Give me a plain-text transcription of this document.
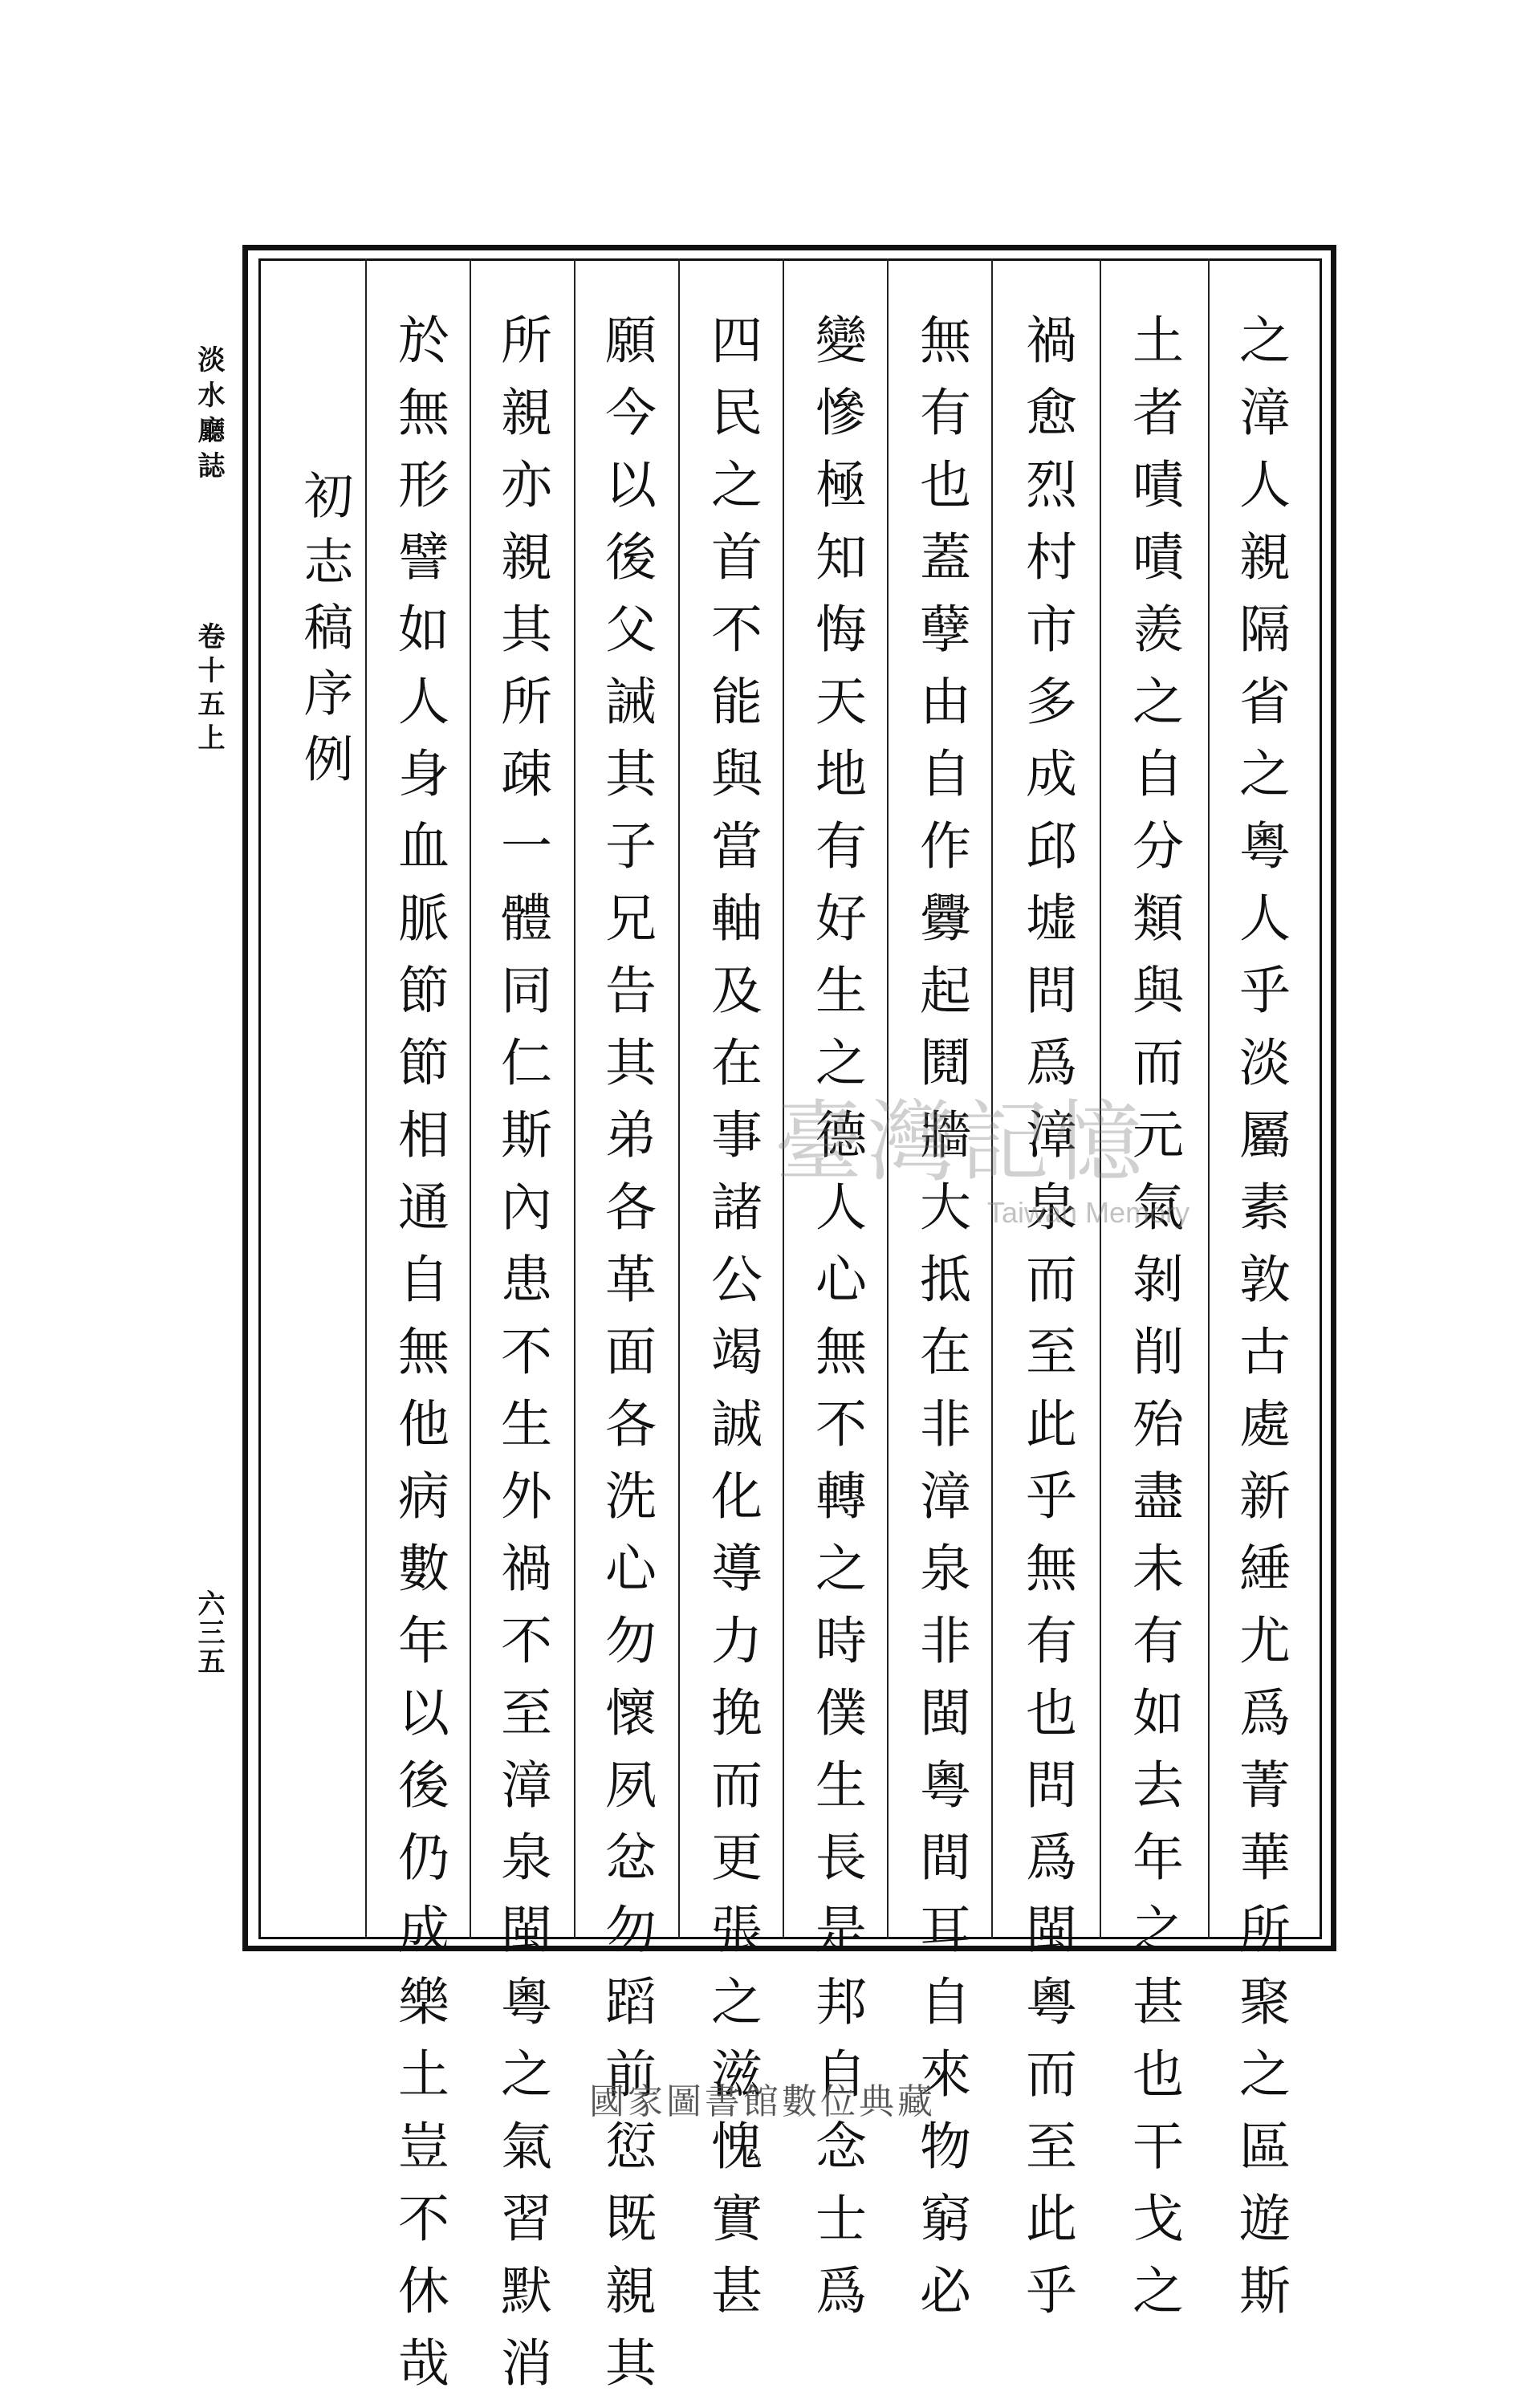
淡水廳誌
卷十五上
六三五	之漳人親隔省之粵人乎淡屬素敦古處新綞尤爲菁華所聚之區遊斯
土者嘖嘖羨之自分類與而元氣剝削殆盡未有如去年之甚也干戈之
禍愈烈村市多成邱墟問爲漳泉而至此乎無有也問爲閩粵而至此乎
無有也蓋孽由自作釁起鬩牆大抵在非漳泉非閩粵間耳自來物窮必
變慘極知悔天地有好生之德人心無不轉之時僕生長是邦自念士爲
四民之首不能與當軸及在事諸公竭誠化導力挽而更張之滋愧實甚
願今以後父誡其子兄告其弟各革面各洗心勿懷夙忿勿蹈前愆既親其
所親亦親其所疎一體同仁斯內患不生外禍不至漳泉閩粵之氣習默消
於無形譬如人身血脈節節相通自無他病數年以後仍成樂土豈不休哉
初志稿序例
臺灣記憶
Taiwan Memory
國家圖書館數位典藏
